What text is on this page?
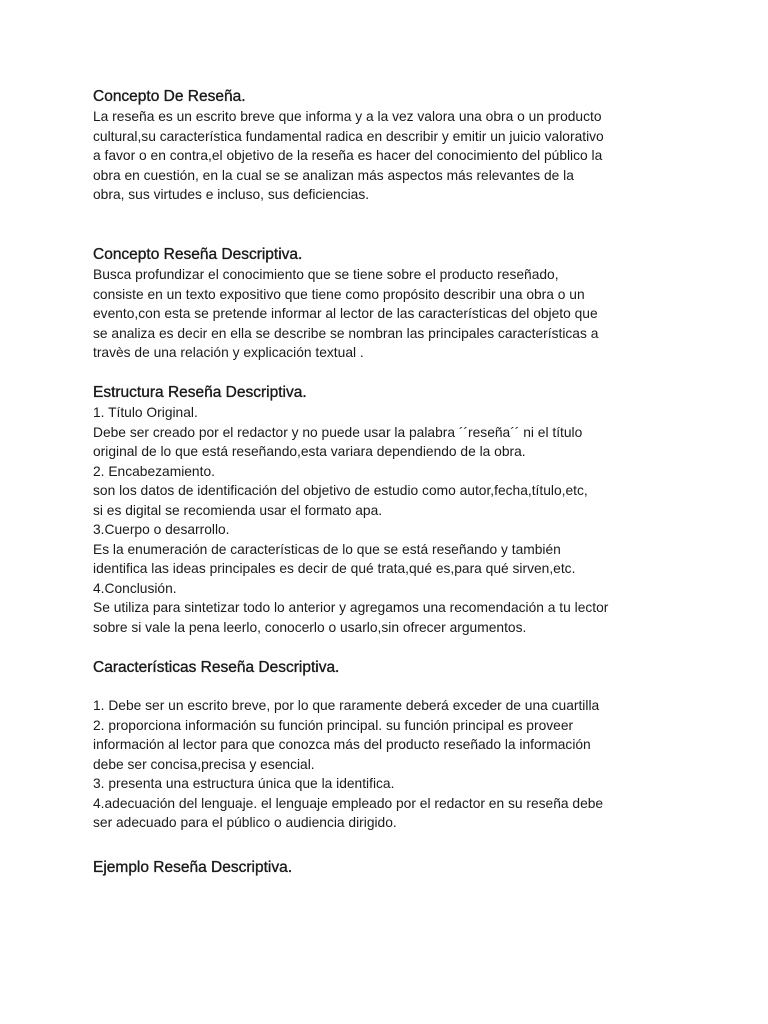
Concepto De Reseña.

La reseña es un escrito breve que informa y a la vez valora una obra o un producto

cultural,su característica fundamental radica en describir y emitir un juicio valorativo

a favor o en contra,el objetivo de la reseña es hacer del conocimiento del público la

obra en cuestión, en la cual se se analizan más aspectos más relevantes de la

obra, sus virtudes e incluso, sus deficiencias.

Concepto Reseña Descriptiva.

Busca profundizar el conocimiento que se tiene sobre el producto reseñado,

consiste en un texto expositivo que tiene como propósito describir una obra o un

evento,con esta se pretende informar al lector de las características del objeto que

se analiza es decir en ella se describe se nombran las principales características a

travès de una relación y explicación textual .

Estructura Reseña Descriptiva.

1. Título Original.

Debe ser creado por el redactor y no puede usar la palabra ´´reseña´´ ni el título

original de lo que está reseñando,esta variara dependiendo de la obra.

2. Encabezamiento.

son los datos de identificación del objetivo de estudio como autor,fecha,título,etc,

si es digital se recomienda usar el formato apa.

3.Cuerpo o desarrollo.

Es la enumeración de características de lo que se está reseñando y también

identifica las ideas principales es decir de qué trata,qué es,para qué sirven,etc.

4.Conclusión.

Se utiliza para sintetizar todo lo anterior y agregamos una recomendación a tu lector

sobre si vale la pena leerlo, conocerlo o usarlo,sin ofrecer argumentos.

Características Reseña Descriptiva.

1. Debe ser un escrito breve, por lo que raramente deberá exceder de una cuartilla

2. proporciona información su función principal. su función principal es proveer

información al lector para que conozca más del producto reseñado la información

debe ser concisa,precisa y esencial.

3. presenta una estructura única que la identifica.

4.adecuación del lenguaje. el lenguaje empleado por el redactor en su reseña debe

ser adecuado para el público o audiencia dirigido.

Ejemplo Reseña Descriptiva.
